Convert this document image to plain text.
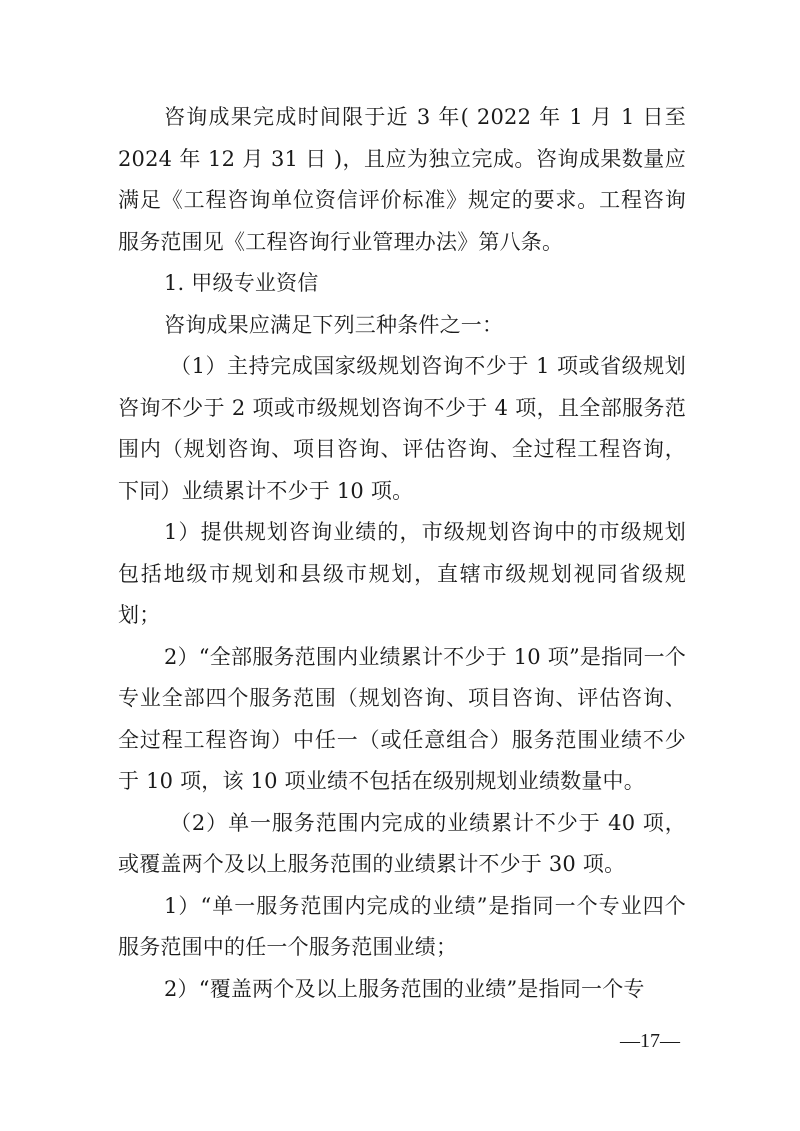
咨询成果完成时间限于近 3 年( 2022 年 1 月 1 日至 2024 年 12 月 31 日 )，且应为独立完成。咨询成果数量应满足《工程咨询单位资信评价标准》规定的要求。工程咨询服务范围见《工程咨询行业管理办法》第八条。

1. 甲级专业资信

咨询成果应满足下列三种条件之一：

（1）主持完成国家级规划咨询不少于 1 项或省级规划咨询不少于 2 项或市级规划咨询不少于 4 项，且全部服务范围内（规划咨询、项目咨询、评估咨询、全过程工程咨询，下同）业绩累计不少于 10 项。

1）提供规划咨询业绩的，市级规划咨询中的市级规划包括地级市规划和县级市规划，直辖市级规划视同省级规划；

2）“全部服务范围内业绩累计不少于 10 项”是指同一个专业全部四个服务范围（规划咨询、项目咨询、评估咨询、全过程工程咨询）中任一（或任意组合）服务范围业绩不少于 10 项，该 10 项业绩不包括在级别规划业绩数量中。

（2）单一服务范围内完成的业绩累计不少于 40 项，或覆盖两个及以上服务范围的业绩累计不少于 30 项。

1）“单一服务范围内完成的业绩”是指同一个专业四个服务范围中的任一个服务范围业绩；

2）“覆盖两个及以上服务范围的业绩”是指同一个专

—17—
